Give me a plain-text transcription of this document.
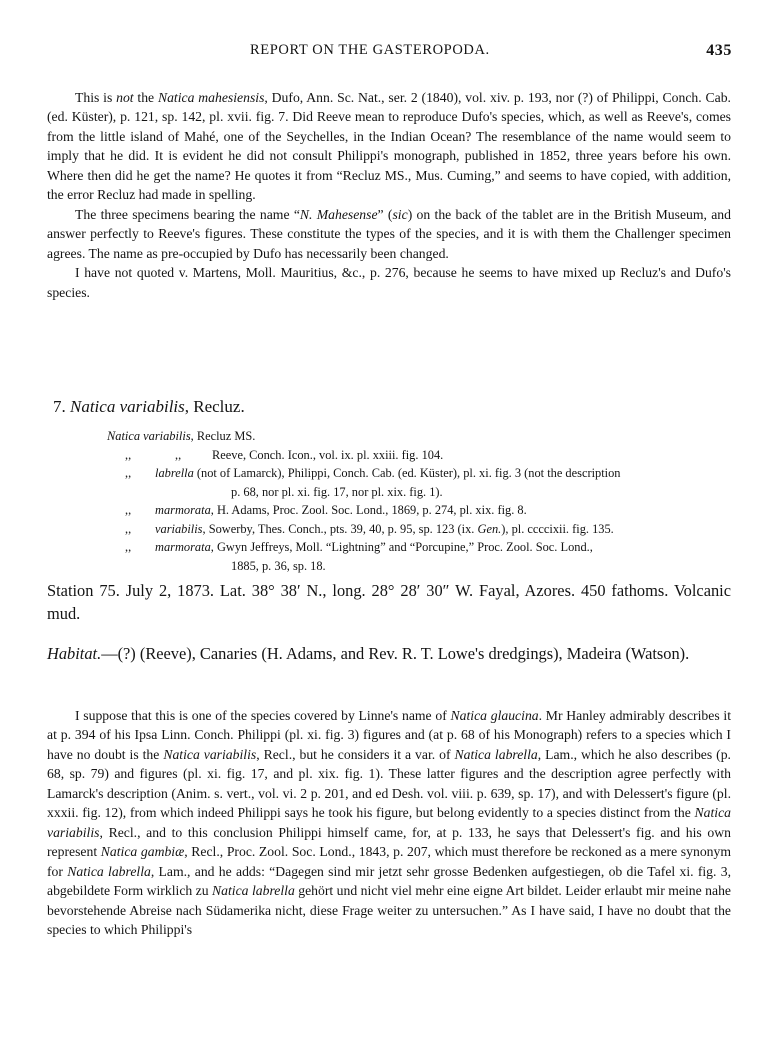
REPORT ON THE GASTEROPODA.	435

This is not the Natica mahesiensis, Dufo, Ann. Sc. Nat., ser. 2 (1840), vol. xiv. p. 193, nor (?) of Philippi, Conch. Cab. (ed. Küster), p. 121, sp. 142, pl. xvii. fig. 7. Did Reeve mean to reproduce Dufo's species, which, as well as Reeve's, comes from the little island of Mahé, one of the Seychelles, in the Indian Ocean? The resemblance of the name would seem to imply that he did. It is evident he did not consult Philippi's monograph, published in 1852, three years before his own. Where then did he get the name? He quotes it from “Recluz MS., Mus. Cuming,” and seems to have copied, with addition, the error Recluz had made in spelling.

The three specimens bearing the name “N. Mahesense” (sic) on the back of the tablet are in the British Museum, and answer perfectly to Reeve's figures. These constitute the types of the species, and it is with them the Challenger specimen agrees. The name as pre-occupied by Dufo has necessarily been changed.

I have not quoted v. Martens, Moll. Mauritius, &c., p. 276, because he seems to have mixed up Recluz's and Dufo's species.

7. Natica variabilis, Recluz.

Natica variabilis, Recluz MS.
,,	,, Reeve, Conch. Icon., vol. ix. pl. xxiii. fig. 104.
,, labrella (not of Lamarck), Philippi, Conch. Cab. (ed. Küster), pl. xi. fig. 3 (not the description
p. 68, nor pl. xi. fig. 17, nor pl. xix. fig. 1).
,, marmorata, H. Adams, Proc. Zool. Soc. Lond., 1869, p. 274, pl. xix. fig. 8.
,, variabilis, Sowerby, Thes. Conch., pts. 39, 40, p. 95, sp. 123 (ix. Gen.), pl. ccccixii. fig. 135.
,, marmorata, Gwyn Jeffreys, Moll. “Lightning” and “Porcupine,” Proc. Zool. Soc. Lond.,
1885, p. 36, sp. 18.

Station 75. July 2, 1873. Lat. 38° 38′ N., long. 28° 28′ 30″ W. Fayal, Azores. 450 fathoms. Volcanic mud.

Habitat.—(?) (Reeve), Canaries (H. Adams, and Rev. R. T. Lowe's dredgings), Madeira (Watson).

I suppose that this is one of the species covered by Linne's name of Natica glaucina. Mr Hanley admirably describes it at p. 394 of his Ipsa Linn. Conch. Philippi (pl. xi. fig. 3) figures and (at p. 68 of his Monograph) refers to a species which I have no doubt is the Natica variabilis, Recl., but he considers it a var. of Natica labrella, Lam., which he also describes (p. 68, sp. 79) and figures (pl. xi. fig. 17, and pl. xix. fig. 1). These latter figures and the description agree perfectly with Lamarck's description (Anim. s. vert., vol. vi. 2 p. 201, and ed Desh. vol. viii. p. 639, sp. 17), and with Delessert's figure (pl. xxxii. fig. 12), from which indeed Philippi says he took his figure, but belong evidently to a species distinct from the Natica variabilis, Recl., and to this conclusion Philippi himself came, for, at p. 133, he says that Delessert's fig. and his own represent Natica gambiæ, Recl., Proc. Zool. Soc. Lond., 1843, p. 207, which must therefore be reckoned as a mere synonym for Natica labrella, Lam., and he adds: “Dagegen sind mir jetzt sehr grosse Bedenken aufgestiegen, ob die Tafel xi. fig. 3, abgebildete Form wirklich zu Natica labrella gehört und nicht viel mehr eine eigne Art bildet. Leider erlaubt mir meine nahe bevorstehende Abreise nach Südamerika nicht, diese Frage weiter zu untersuchen.” As I have said, I have no doubt that the species to which Philippi's
